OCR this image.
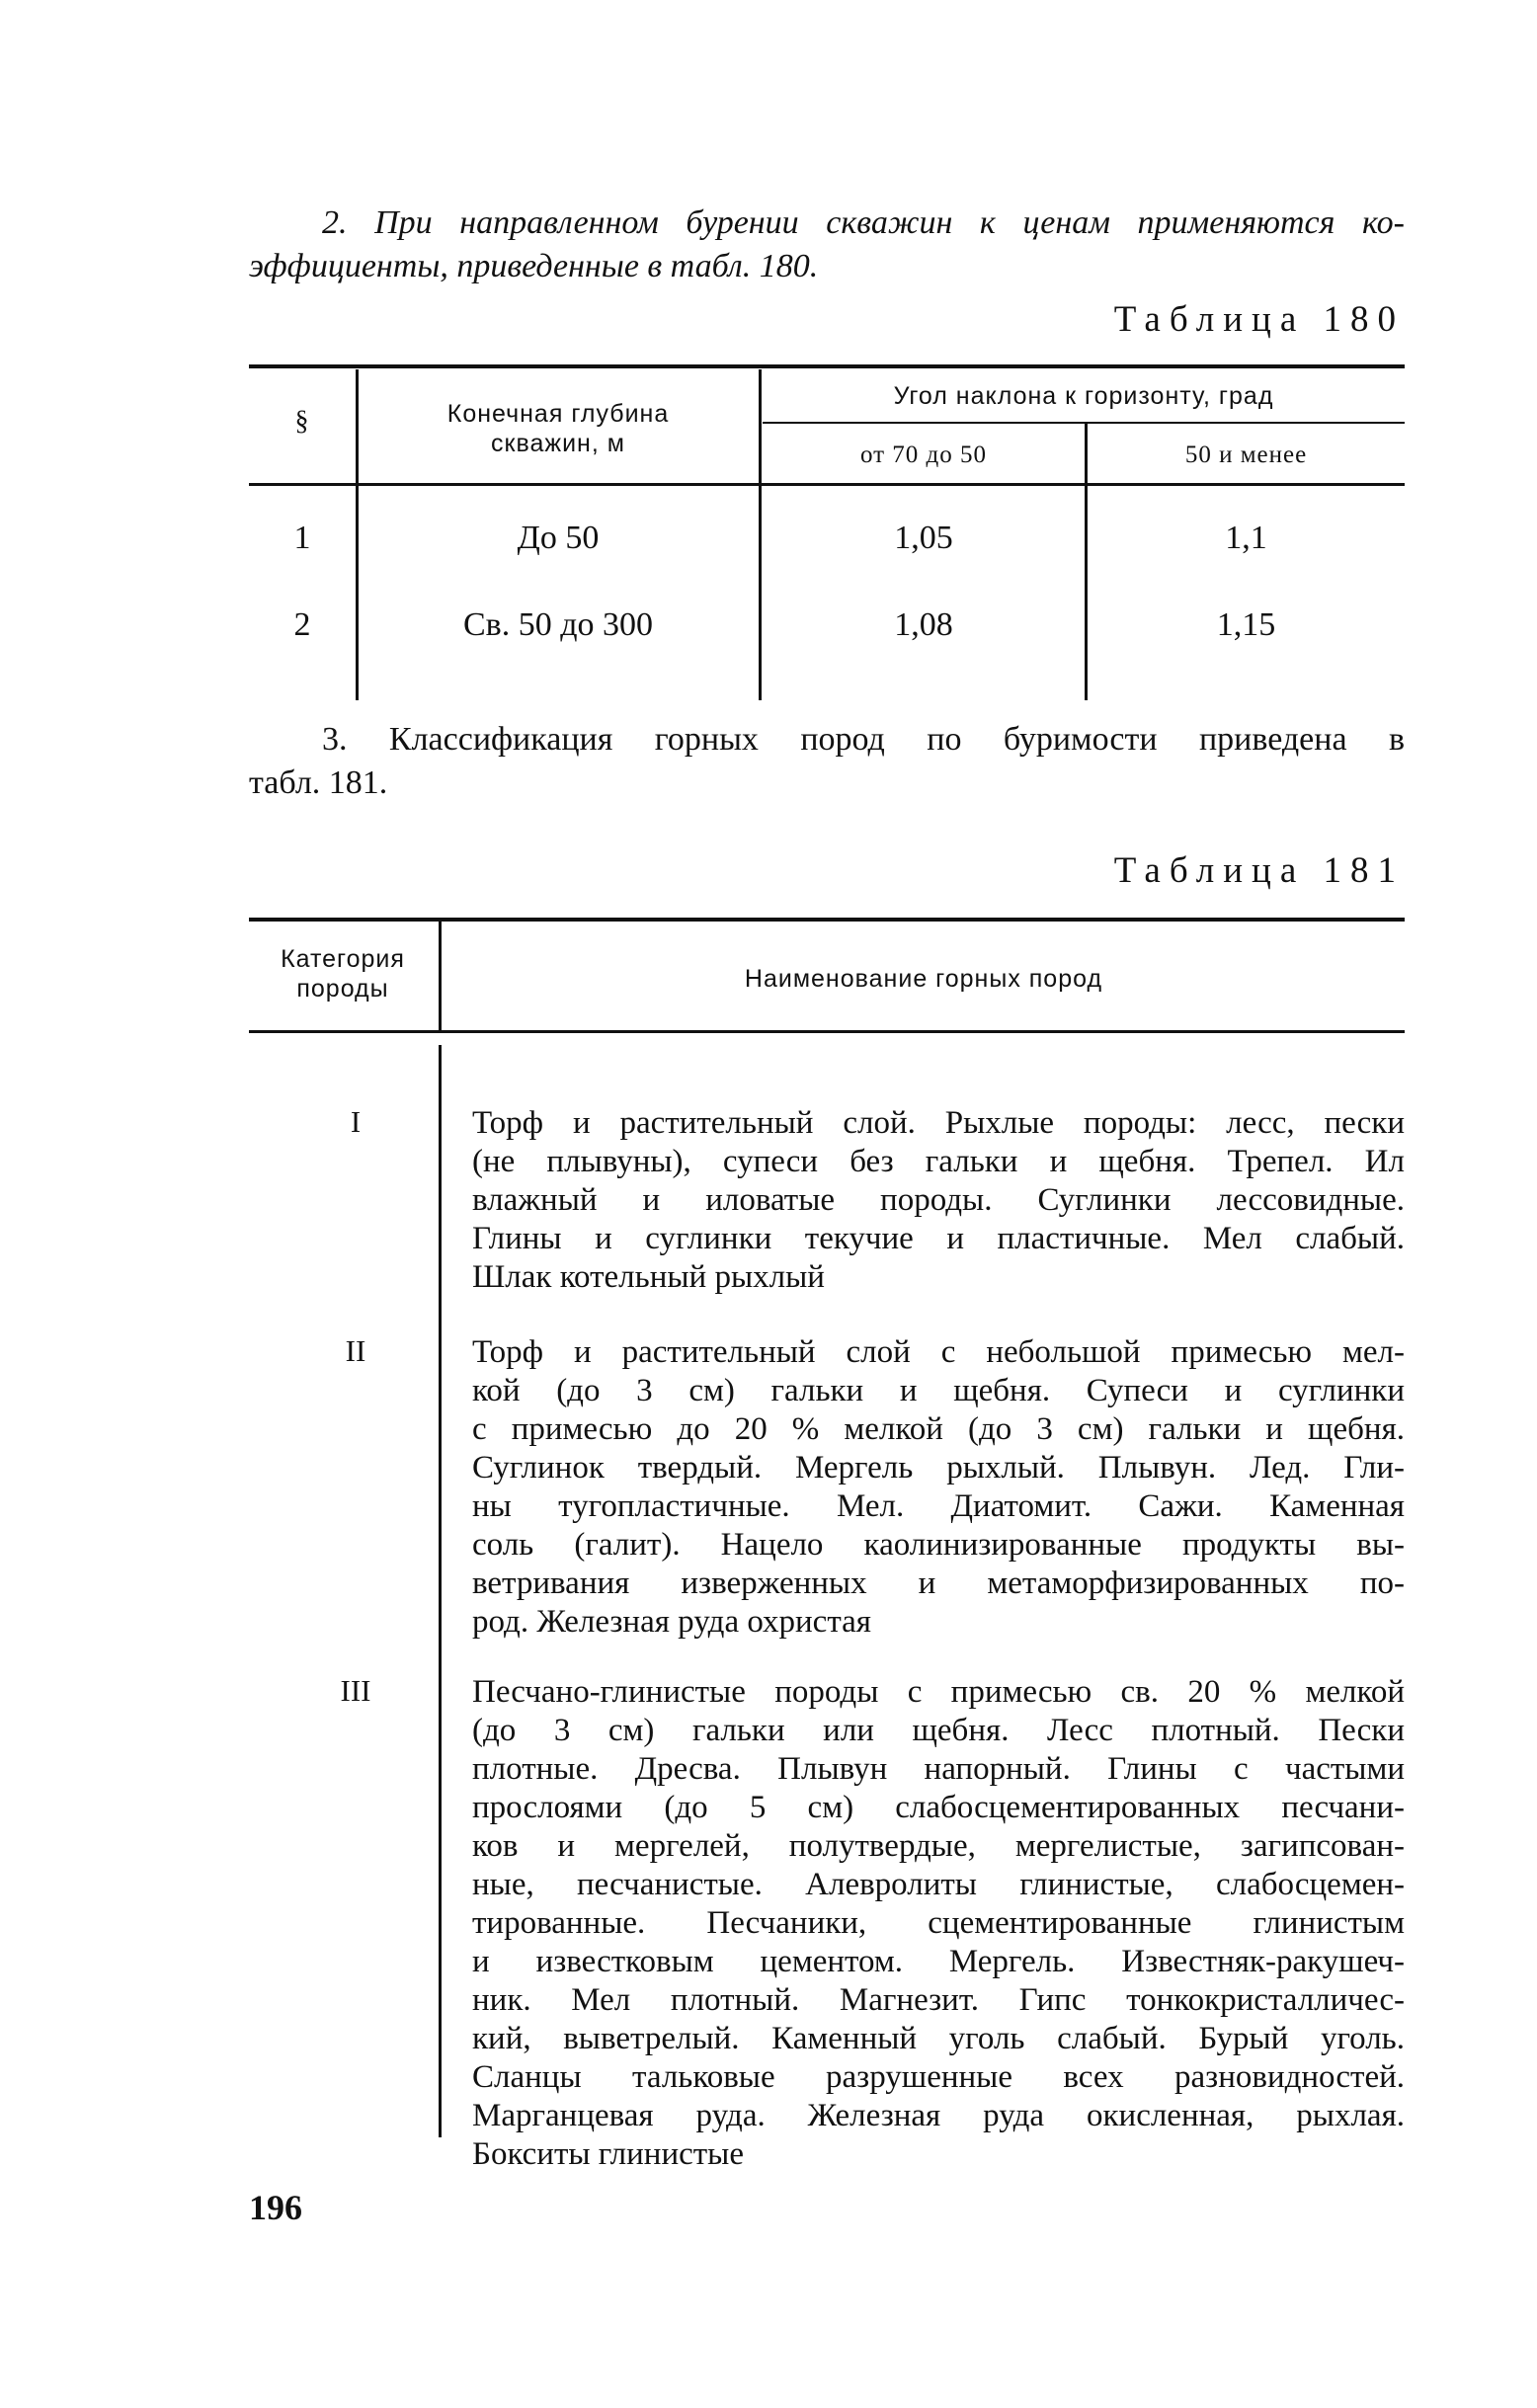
2. При направленном бурении скважин к ценам применяются ко-
эффициенты, приведенные в табл. 180.
Таблица 180
§	Конечная глубина
скважин, м
Угол наклона к горизонту, град
от 70 до 50	50 и менее
1	До 50	1,05	1,1
2	Св. 50 до 300	1,08	1,15
3. Классификация горных пород по буримости приведена в
табл. 181.
Таблица 181
Категория
породы	Наименование горных пород
I	Торф и растительный слой. Рыхлые породы: лесс, пески
(не плывуны), супеси без гальки и щебня. Трепел. Ил
влажный и иловатые породы. Суглинки лессовидные.
Глины и суглинки текучие и пластичные. Мел слабый.
Шлак котельный рыхлый
II	Торф и растительный слой с небольшой примесью мел-
кой (до 3 см) гальки и щебня. Супеси и суглинки
с примесью до 20 % мелкой (до 3 см) гальки и щебня.
Суглинок твердый. Мергель рыхлый. Плывун. Лед. Гли-
ны тугопластичные. Мел. Диатомит. Сажи. Каменная
соль (галит). Нацело каолинизированные продукты вы-
ветривания изверженных и метаморфизированных по-
род. Железная руда охристая
III	Песчано-глинистые породы с примесью св. 20 % мелкой
(до 3 см) гальки или щебня. Лесс плотный. Пески
плотные. Дресва. Плывун напорный. Глины с частыми
прослоями (до 5 см) слабосцементированных песчани-
ков и мергелей, полутвердые, мергелистые, загипсован-
ные, песчанистые. Алевролиты глинистые, слабосцемен-
тированные. Песчаники, сцементированные глинистым
и известковым цементом. Мергель. Известняк-ракушеч-
ник. Мел плотный. Магнезит. Гипс тонкокристалличес-
кий, выветрелый. Каменный уголь слабый. Бурый уголь.
Сланцы тальковые разрушенные всех разновидностей.
Марганцевая руда. Железная руда окисленная, рыхлая.
Бокситы глинистые
196
